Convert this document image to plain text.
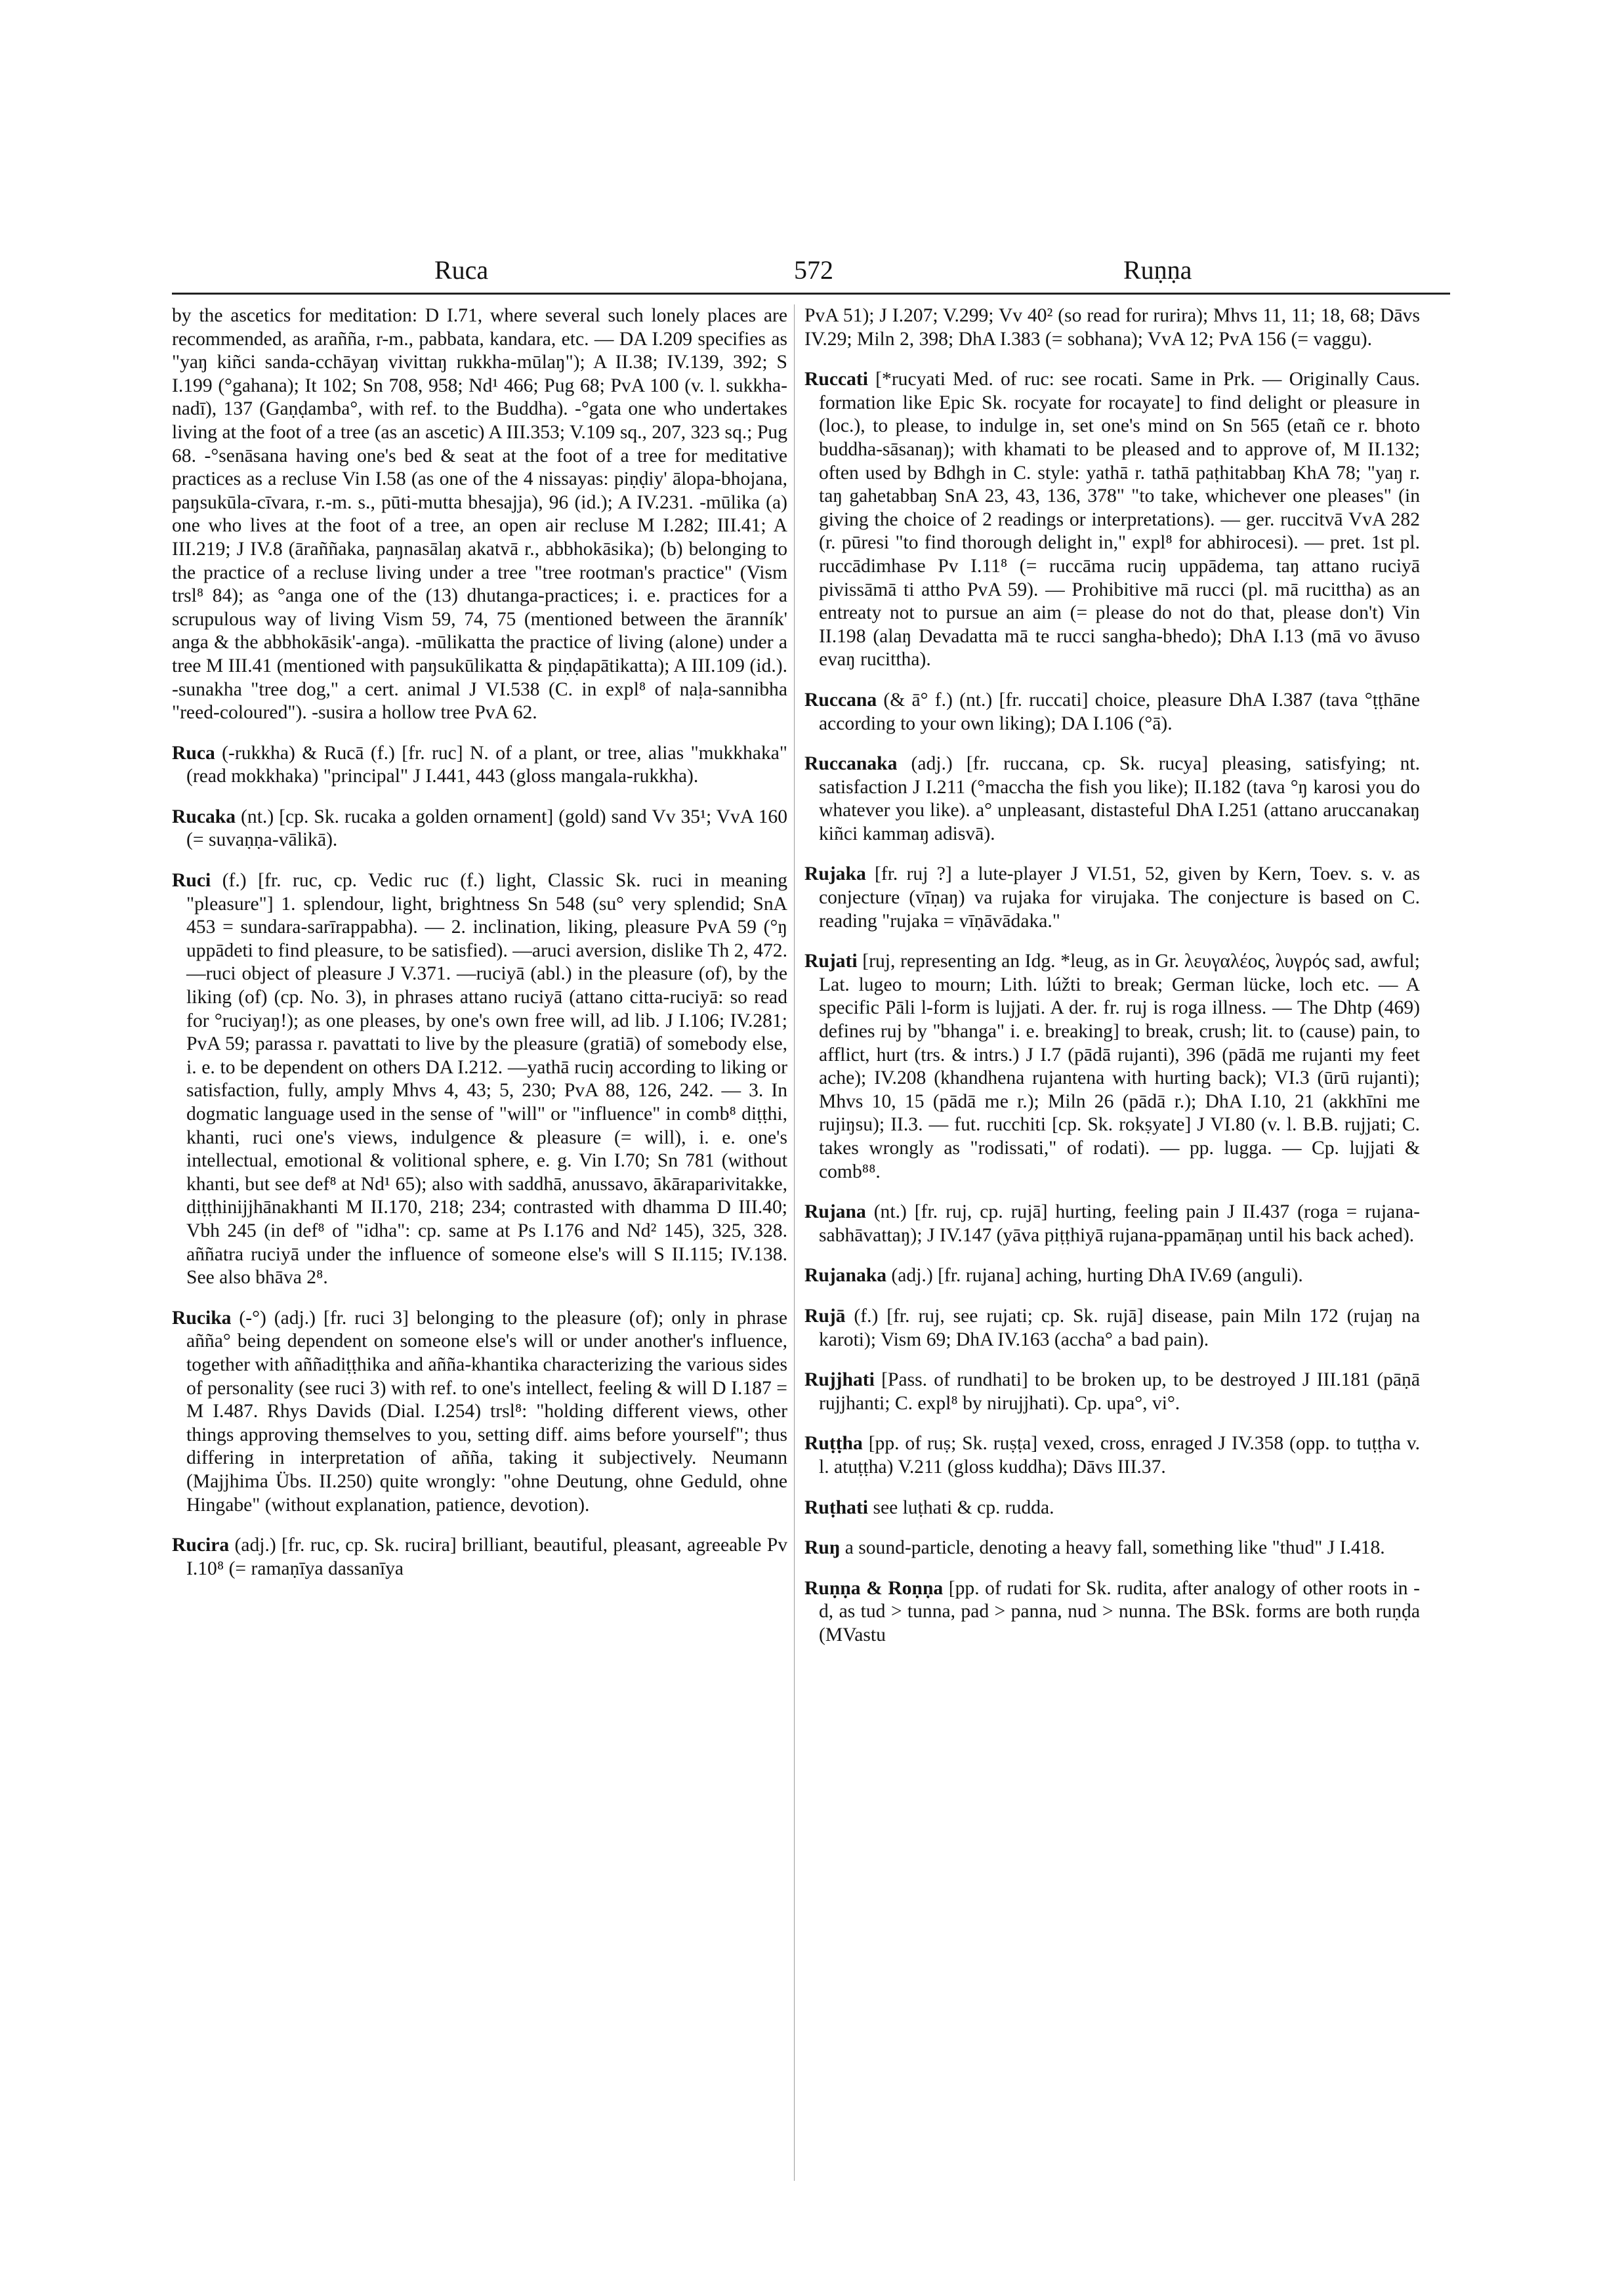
Ruca	572	Ruṇṇa

by the ascetics for meditation: D I.71, where several such lonely places are recommended, as arañña, r-m., pabbata, kandara, etc. — DA I.209 specifies as "yaŋ kiñci sanda-cchāyaŋ vivittaŋ rukkha-mūlaŋ"); A II.38; IV.139, 392; S I.199 (°gahana); It 102; Sn 708, 958; Nd¹ 466; Pug 68; PvA 100 (v. l. sukkha-nadī), 137 (Gaṇḍamba°, with ref. to the Buddha). -°gata one who undertakes living at the foot of a tree (as an ascetic) A III.353; V.109 sq., 207, 323 sq.; Pug 68. -°senāsana having one's bed & seat at the foot of a tree for meditative practices as a recluse Vin I.58 (as one of the 4 nissayas: piṇḍiy' ālopa-bhojana, paŋsukūla-cīvara, r.-m. s., pūti-mutta bhesajja), 96 (id.); A IV.231. -mūlika (a) one who lives at the foot of a tree, an open air recluse M I.282; III.41; A III.219; J IV.8 (āraññaka, paŋnasālaŋ akatvā r., abbhokāsika); (b) belonging to the practice of a recluse living under a tree "tree rootman's practice" (Vism trsl⁸ 84); as °anga one of the (13) dhutanga-practices; i. e. practices for a scrupulous way of living Vism 59, 74, 75 (mentioned between the āranník' anga & the abbhokāsik'-anga). -mūlikatta the practice of living (alone) under a tree M III.41 (mentioned with paŋsukūlikatta & piṇḍapātikatta); A III.109 (id.). -sunakha "tree dog," a cert. animal J VI.538 (C. in expl⁸ of naḷa-sannibha "reed-coloured"). -susira a hollow tree PvA 62.

Ruca (-rukkha) & Rucā (f.) [fr. ruc] N. of a plant, or tree, alias "mukkhaka" (read mokkhaka) "principal" J I.441, 443 (gloss mangala-rukkha).

Rucaka (nt.) [cp. Sk. rucaka a golden ornament] (gold) sand Vv 35¹; VvA 160 (= suvaṇṇa-vālikā).

Ruci (f.) [fr. ruc, cp. Vedic ruc (f.) light, Classic Sk. ruci in meaning "pleasure"] 1. splendour, light, brightness Sn 548 (su° very splendid; SnA 453 = sundara-sarīrappabha). — 2. inclination, liking, pleasure PvA 59 (°ŋ uppādeti to find pleasure, to be satisfied). —aruci aversion, dislike Th 2, 472. —ruci object of pleasure J V.371. —ruciyā (abl.) in the pleasure (of), by the liking (of) (cp. No. 3), in phrases attano ruciyā (attano citta-ruciyā: so read for °ruciyaŋ!); as one pleases, by one's own free will, ad lib. J I.106; IV.281; PvA 59; parassa r. pavattati to live by the pleasure (gratiā) of somebody else, i. e. to be dependent on others DA I.212. —yathā ruciŋ according to liking or satisfaction, fully, amply Mhvs 4, 43; 5, 230; PvA 88, 126, 242. — 3. In dogmatic language used in the sense of "will" or "influence" in comb⁸ diṭṭhi, khanti, ruci one's views, indulgence & pleasure (= will), i. e. one's intellectual, emotional & volitional sphere, e. g. Vin I.70; Sn 781 (without khanti, but see def⁸ at Nd¹ 65); also with saddhā, anussavo, ākāraparivitakke, diṭṭhinijjhānakhanti M II.170, 218; 234; contrasted with dhamma D III.40; Vbh 245 (in def⁸ of "idha": cp. same at Ps I.176 and Nd² 145), 325, 328. aññatra ruciyā under the influence of someone else's will S II.115; IV.138. See also bhāva 2⁸.

Rucika (-°) (adj.) [fr. ruci 3] belonging to the pleasure (of); only in phrase añña° being dependent on someone else's will or under another's influence, together with aññadiṭṭhika and añña-khantika characterizing the various sides of personality (see ruci 3) with ref. to one's intellect, feeling & will D I.187 = M I.487. Rhys Davids (Dial. I.254) trsl⁸: "holding different views, other things approving themselves to you, setting diff. aims before yourself"; thus differing in interpretation of añña, taking it subjectively. Neumann (Majjhima Übs. II.250) quite wrongly: "ohne Deutung, ohne Geduld, ohne Hingabe" (without explanation, patience, devotion).

Rucira (adj.) [fr. ruc, cp. Sk. rucira] brilliant, beautiful, pleasant, agreeable Pv I.10⁸ (= ramaṇīya dassanīya

PvA 51); J I.207; V.299; Vv 40² (so read for rurira); Mhvs 11, 11; 18, 68; Dāvs IV.29; Miln 2, 398; DhA I.383 (= sobhana); VvA 12; PvA 156 (= vaggu).

Ruccati [*rucyati Med. of ruc: see rocati. Same in Prk. — Originally Caus. formation like Epic Sk. rocyate for rocayate] to find delight or pleasure in (loc.), to please, to indulge in, set one's mind on Sn 565 (etañ ce r. bhoto buddha-sāsanaŋ); with khamati to be pleased and to approve of, M II.132; often used by Bdhgh in C. style: yathā r. tathā paṭhitabbaŋ KhA 78; "yaŋ r. taŋ gahetabbaŋ SnA 23, 43, 136, 378" "to take, whichever one pleases" (in giving the choice of 2 readings or interpretations). — ger. ruccitvā VvA 282 (r. pūresi "to find thorough delight in," expl⁸ for abhirocesi). — pret. 1st pl. ruccādimhase Pv I.11⁸ (= ruccāma ruciŋ uppādema, taŋ attano ruciyā pivissāmā ti attho PvA 59). — Prohibitive mā rucci (pl. mā rucittha) as an entreaty not to pursue an aim (= please do not do that, please don't) Vin II.198 (alaŋ Devadatta mā te rucci sangha-bhedo); DhA I.13 (mā vo āvuso evaŋ rucittha).

Ruccana (& ā° f.) (nt.) [fr. ruccati] choice, pleasure DhA I.387 (tava °ṭṭhāne according to your own liking); DA I.106 (°ā).

Ruccanaka (adj.) [fr. ruccana, cp. Sk. rucya] pleasing, satisfying; nt. satisfaction J I.211 (°maccha the fish you like); II.182 (tava °ŋ karosi you do whatever you like). a° unpleasant, distasteful DhA I.251 (attano aruccanakaŋ kiñci kammaŋ adisvā).

Rujaka [fr. ruj ?] a lute-player J VI.51, 52, given by Kern, Toev. s. v. as conjecture (vīṇaŋ) va rujaka for virujaka. The conjecture is based on C. reading "rujaka = vīṇāvādaka."

Rujati [ruj, representing an Idg. *leug, as in Gr. λευγαλέος, λυγρός sad, awful; Lat. lugeo to mourn; Lith. lúžti to break; German lücke, loch etc. — A specific Pāli l-form is lujjati. A der. fr. ruj is roga illness. — The Dhtp (469) defines ruj by "bhanga" i. e. breaking] to break, crush; lit. to (cause) pain, to afflict, hurt (trs. & intrs.) J I.7 (pādā rujanti), 396 (pādā me rujanti my feet ache); IV.208 (khandhena rujantena with hurting back); VI.3 (ūrū rujanti); Mhvs 10, 15 (pādā me r.); Miln 26 (pādā r.); DhA I.10, 21 (akkhīni me rujiŋsu); II.3. — fut. rucchiti [cp. Sk. rokṣyate] J VI.80 (v. l. B.B. rujjati; C. takes wrongly as "rodissati," of rodati). — pp. lugga. — Cp. lujjati & comb⁸⁸.

Rujana (nt.) [fr. ruj, cp. rujā] hurting, feeling pain J II.437 (roga = rujana-sabhāvattaŋ); J IV.147 (yāva piṭṭhiyā rujana-ppamāṇaŋ until his back ached).

Rujanaka (adj.) [fr. rujana] aching, hurting DhA IV.69 (anguli).

Rujā (f.) [fr. ruj, see rujati; cp. Sk. rujā] disease, pain Miln 172 (rujaŋ na karoti); Vism 69; DhA IV.163 (accha° a bad pain).

Rujjhati [Pass. of rundhati] to be broken up, to be destroyed J III.181 (pāṇā rujjhanti; C. expl⁸ by nirujjhati). Cp. upa°, vi°.

Ruṭṭha [pp. of ruṣ; Sk. ruṣṭa] vexed, cross, enraged J IV.358 (opp. to tuṭṭha v. l. atuṭṭha) V.211 (gloss kuddha); Dāvs III.37.

Ruṭhati see luṭhati & cp. rudda.

Ruŋ a sound-particle, denoting a heavy fall, something like "thud" J I.418.

Ruṇṇa & Roṇṇa [pp. of rudati for Sk. rudita, after analogy of other roots in -d, as tud > tunna, pad > panna, nud > nunna. The BSk. forms are both ruṇḍa (MVastu
